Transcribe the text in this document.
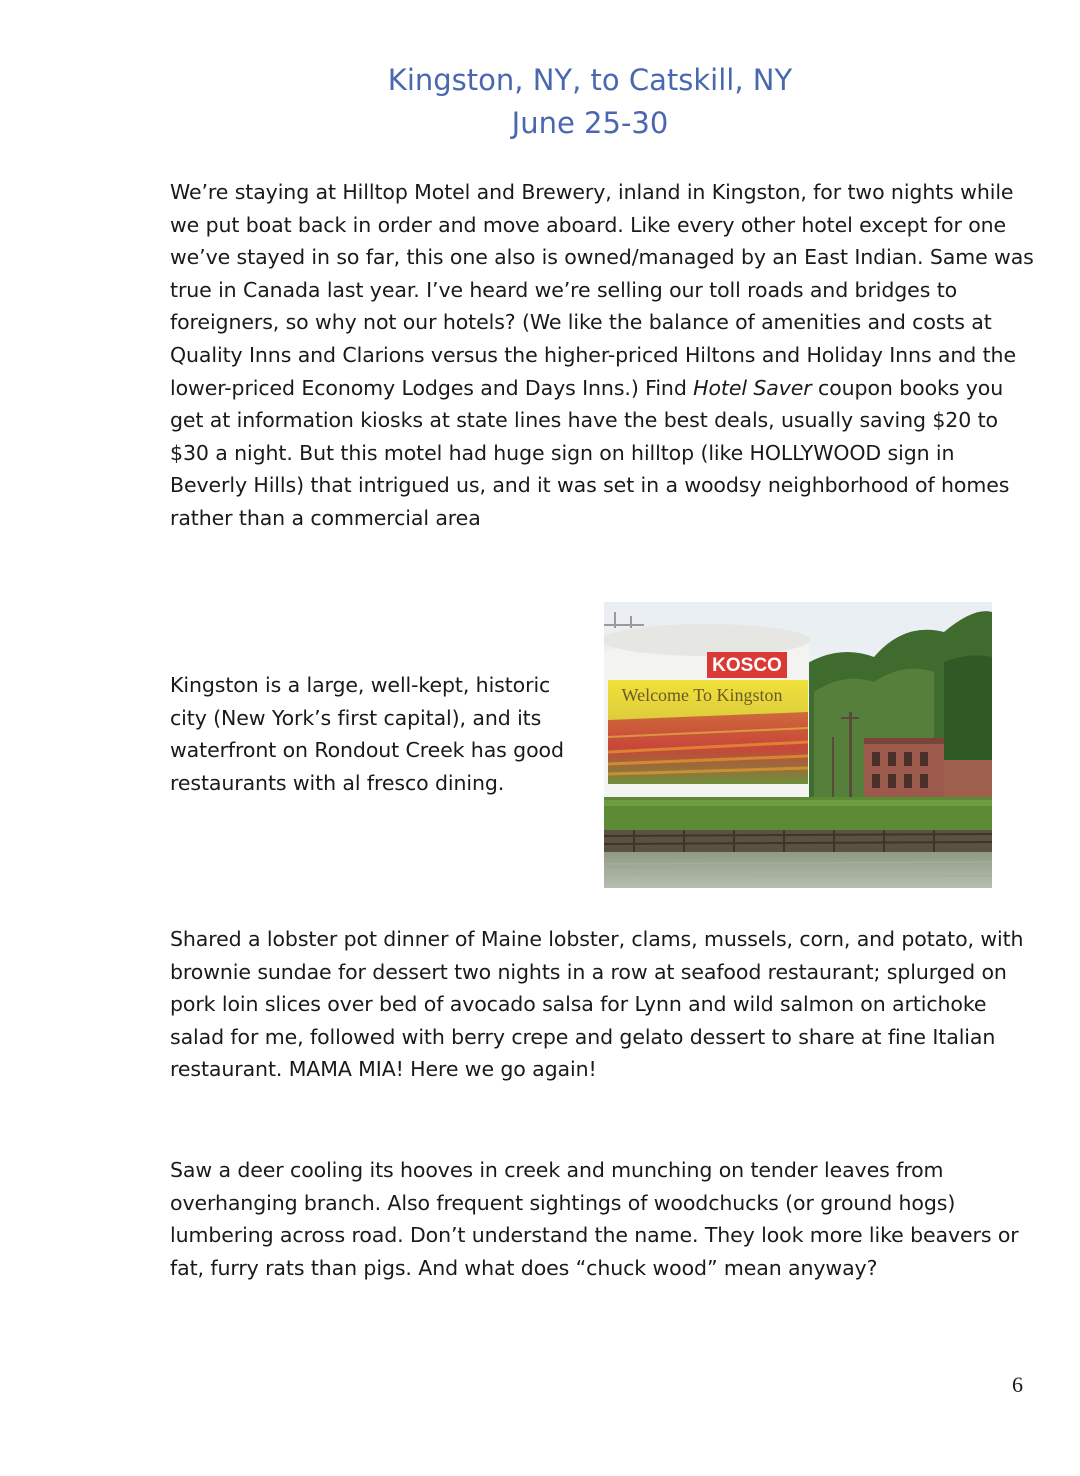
Kingston, NY, to Catskill, NY
June 25-30

We’re staying at Hilltop Motel and Brewery, inland in Kingston, for two nights while we put boat back in order and move aboard. Like every other hotel except for one we’ve stayed in so far, this one also is owned/managed by an East Indian. Same was true in Canada last year. I’ve heard we’re selling our toll roads and bridges to foreigners, so why not our hotels? (We like the balance of amenities and costs at Quality Inns and Clarions versus the higher-priced Hiltons and Holiday Inns and the lower-priced Economy Lodges and Days Inns.) Find Hotel Saver coupon books you get at information kiosks at state lines have the best deals, usually saving $20 to $30 a night. But this motel had huge sign on hilltop (like HOLLYWOOD sign in Beverly Hills) that intrigued us, and it was set in a woodsy neighborhood of homes rather than a commercial area

Kingston is a large, well-kept, historic city (New York’s first capital), and its waterfront on Rondout Creek has good restaurants with al fresco dining.

KOSCO
Welcome To Kingston

Shared a lobster pot dinner of Maine lobster, clams, mussels, corn, and potato, with brownie sundae for dessert two nights in a row at seafood restaurant; splurged on pork loin slices over bed of avocado salsa for Lynn and wild salmon on artichoke salad for me, followed with berry crepe and gelato dessert to share at fine Italian restaurant. MAMA MIA! Here we go again!

Saw a deer cooling its hooves in creek and munching on tender leaves from overhanging branch. Also frequent sightings of woodchucks (or ground hogs) lumbering across road. Don’t understand the name. They look more like beavers or fat, furry rats than pigs. And what does “chuck wood” mean anyway?

6
